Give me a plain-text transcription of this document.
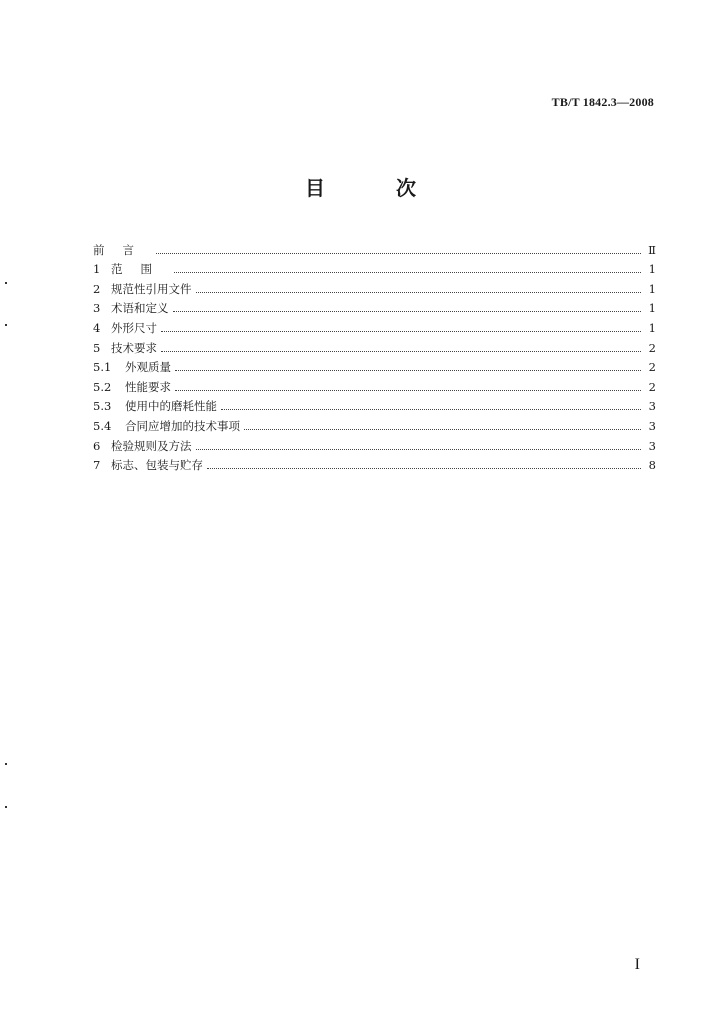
TB/T 1842.3—2008
目 次
前言	Ⅱ
1 范围	1
2 规范性引用文件	1
3 术语和定义	1
4 外形尺寸	1
5 技术要求	2
5.1 外观质量	2
5.2 性能要求	2
5.3 使用中的磨耗性能	3
5.4 合同应增加的技术事项	3
6 检验规则及方法	3
7 标志、包装与贮存	8
I
